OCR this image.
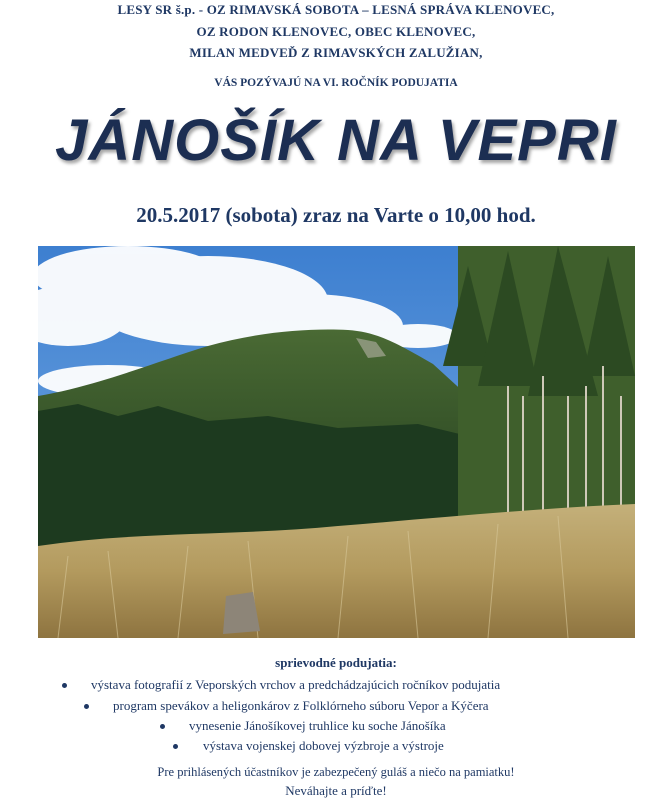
LESY SR š.p. - OZ RIMAVSKÁ SOBOTA – LESNÁ SPRÁVA KLENOVEC,
OZ RODON KLENOVEC, OBEC KLENOVEC,
MILAN MEDVEĎ Z RIMAVSKÝCH ZALUŽIAN,
VÁS POZÝVAJÚ NA VI. ROČNÍK PODUJATIA
JÁNOŠÍK NA VEPRI
20.5.2017 (sobota) zraz na Varte o 10,00 hod.
sprievodné podujatia:
výstava fotografií z Veporských vrchov a predchádzajúcich ročníkov podujatia
program spevákov a heligonkárov z Folklórneho súboru Vepor a Kýčera
vynesenie Jánošíkovej truhlice ku soche Jánošíka
výstava vojenskej dobovej výzbroje a výstroje
Pre prihlásených účastníkov je zabezpečený guláš a niečo na pamiatku!
Neváhajte a príďte!
